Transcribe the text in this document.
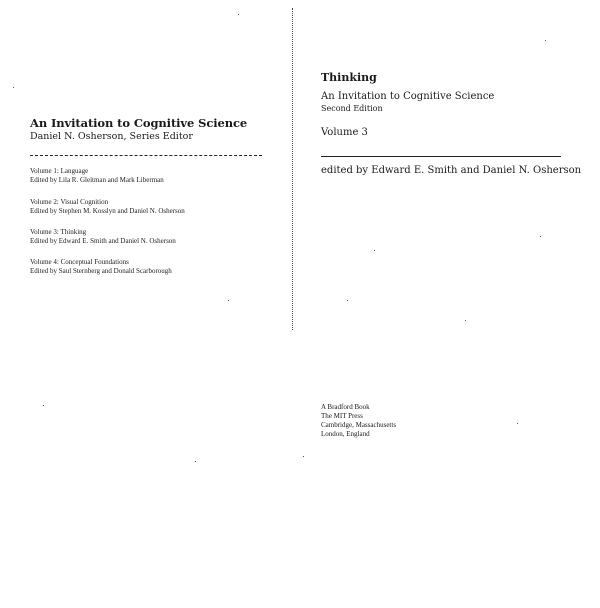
An Invitation to Cognitive Science
Daniel N. Osherson, Series Editor
Volume 1: Language
Edited by Lila R. Gleitman and Mark Liberman
Volume 2: Visual Cognition
Edited by Stephen M. Kosslyn and Daniel N. Osherson
Volume 3: Thinking
Edited by Edward E. Smith and Daniel N. Osherson
Volume 4: Conceptual Foundations
Edited by Saul Sternberg and Donald Scarborough
Thinking
An Invitation to Cognitive Science
Second Edition
Volume 3
edited by Edward E. Smith and Daniel N. Osherson
A Bradford Book
The MIT Press
Cambridge, Massachusetts
London, England
